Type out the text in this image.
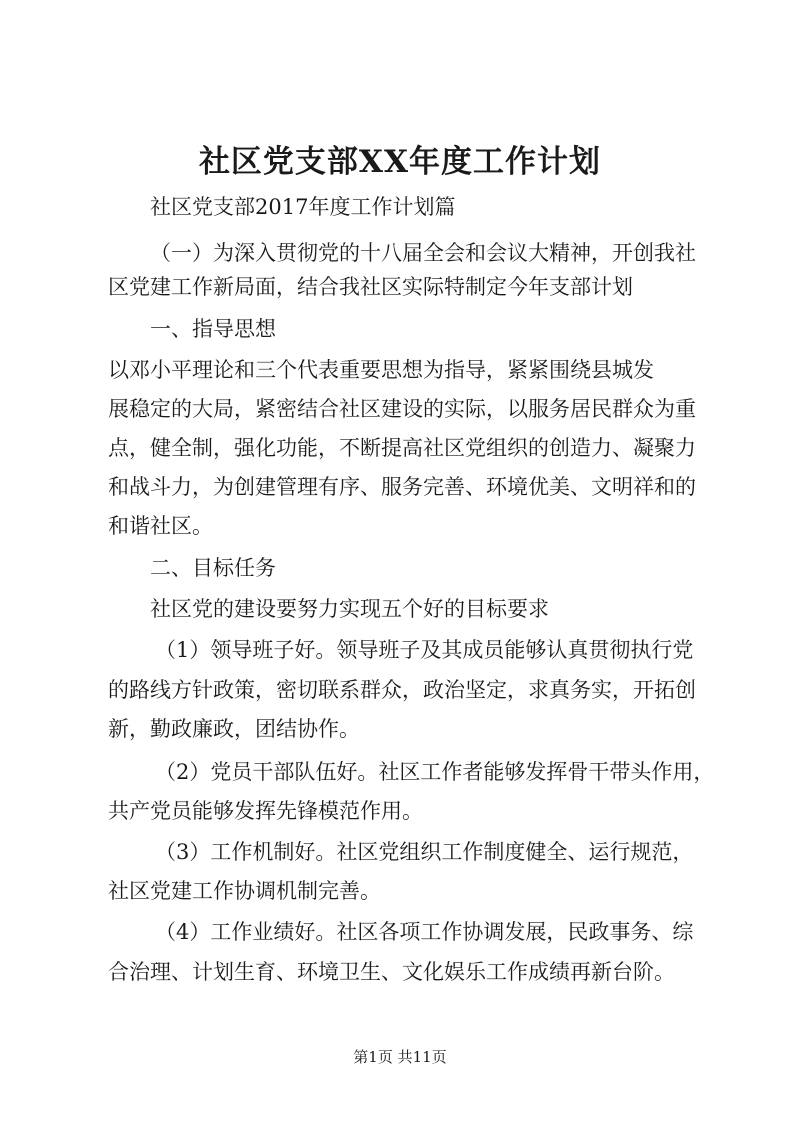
社区党支部XX年度工作计划
社区党支部2017年度工作计划篇
（一）为深入贯彻党的十八届全会和会议大精神，开创我社
区党建工作新局面，结合我社区实际特制定今年支部计划
一、指导思想
以邓小平理论和三个代表重要思想为指导，紧紧围绕县城发
展稳定的大局，紧密结合社区建设的实际，以服务居民群众为重
点，健全制，强化功能，不断提高社区党组织的创造力、凝聚力
和战斗力，为创建管理有序、服务完善、环境优美、文明祥和的
和谐社区。
二、目标任务
社区党的建设要努力实现五个好的目标要求
（1）领导班子好。领导班子及其成员能够认真贯彻执行党
的路线方针政策，密切联系群众，政治坚定，求真务实，开拓创
新，勤政廉政，团结协作。
（2）党员干部队伍好。社区工作者能够发挥骨干带头作用，
共产党员能够发挥先锋模范作用。
（3）工作机制好。社区党组织工作制度健全、运行规范，
社区党建工作协调机制完善。
（4）工作业绩好。社区各项工作协调发展，民政事务、综
合治理、计划生育、环境卫生、文化娱乐工作成绩再新台阶。
第1页 共11页
